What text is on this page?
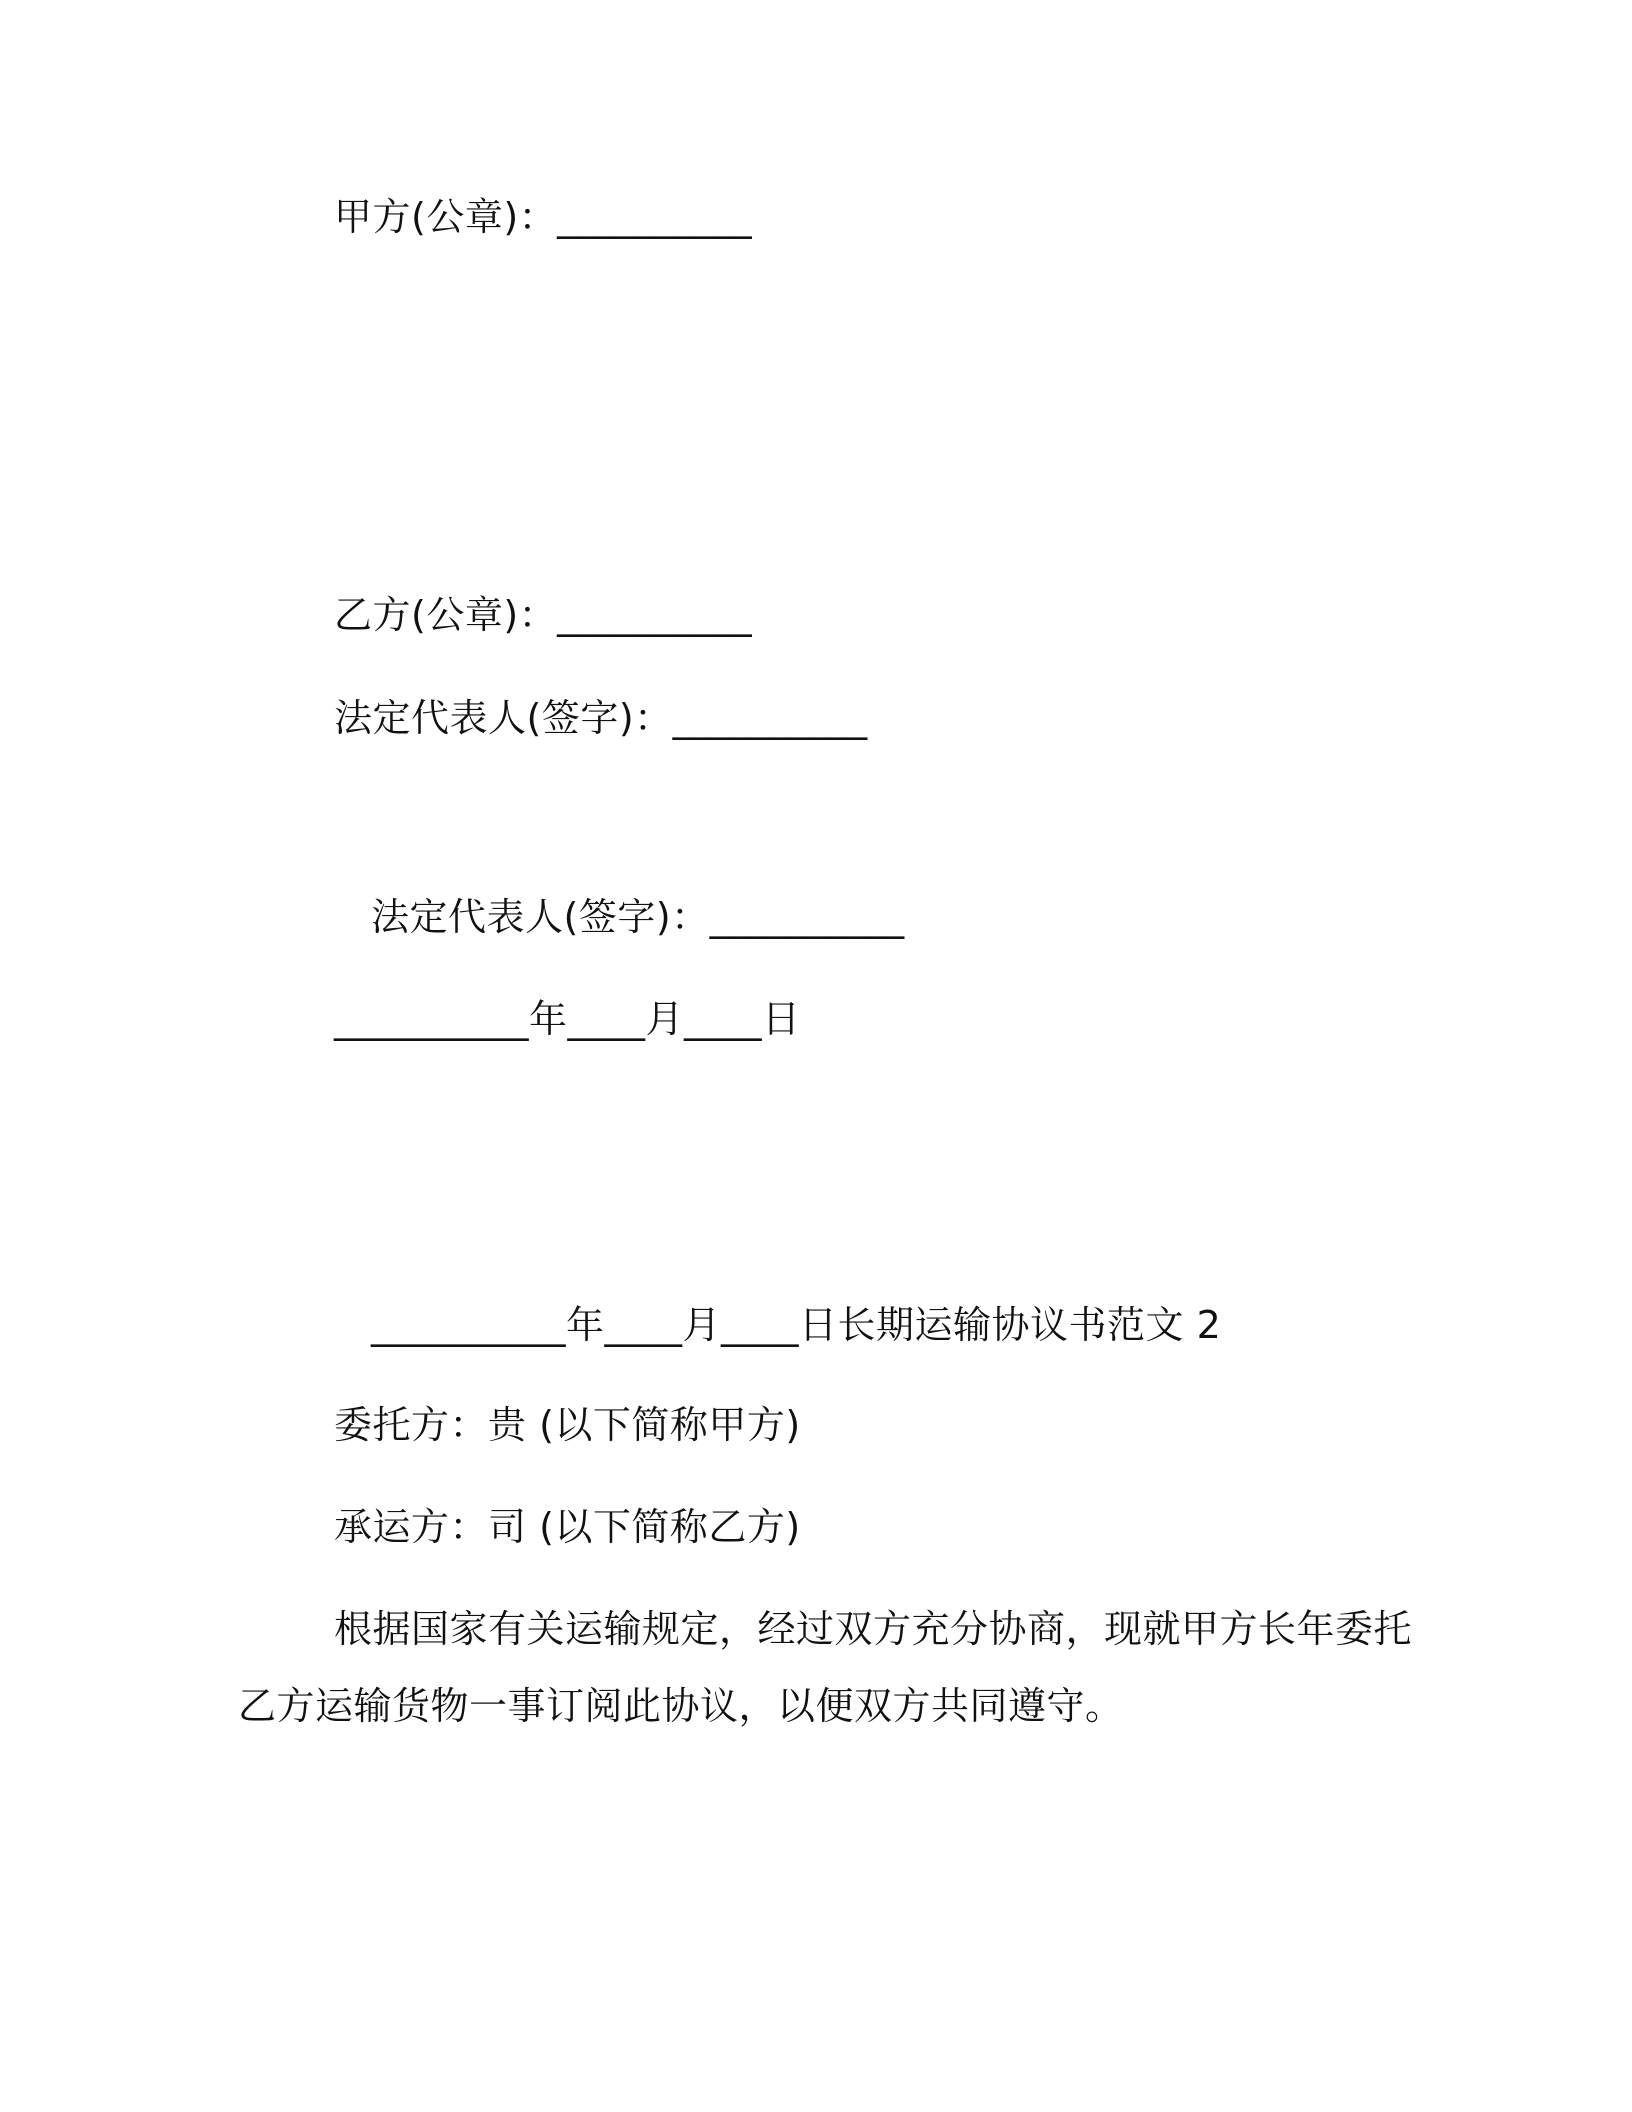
甲方(公章)：__________
乙方(公章)：__________
法定代表人(签字)：__________
法定代表人(签字)：__________
__________年____月____日
__________年____月____日长期运输协议书范文 2
委托方：贵 (以下简称甲方)
承运方：司 (以下简称乙方)
根据国家有关运输规定，经过双方充分协商，现就甲方长年委托
乙方运输货物一事订阅此协议，以便双方共同遵守。
